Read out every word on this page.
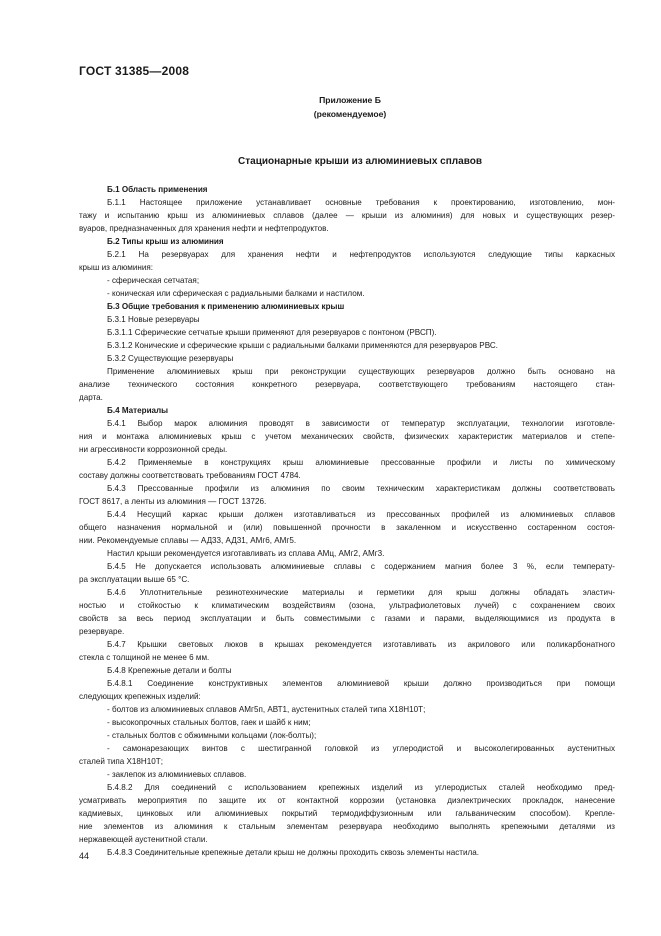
ГОСТ 31385—2008
Приложение Б
(рекомендуемое)
Стационарные крыши из алюминиевых сплавов
Б.1 Область применения
Б.1.1 Настоящее приложение устанавливает основные требования к проектированию, изготовлению, мон-
тажу и испытанию крыш из алюминиевых сплавов (далее — крыши из алюминия) для новых и существующих резер-
вуаров, предназначенных для хранения нефти и нефтепродуктов.
Б.2 Типы крыш из алюминия
Б.2.1 На резервуарах для хранения нефти и нефтепродуктов используются следующие типы каркасных
крыш из алюминия:
- сферическая сетчатая;
- коническая или сферическая с радиальными балками и настилом.
Б.3 Общие требования к применению алюминиевых крыш
Б.3.1 Новые резервуары
Б.3.1.1 Сферические сетчатые крыши применяют для резервуаров с понтоном (РВСП).
Б.3.1.2 Конические и сферические крыши с радиальными балками применяются для резервуаров РВС.
Б.3.2 Существующие резервуары
Применение алюминиевых крыш при реконструкции существующих резервуаров должно быть основано на
анализе технического состояния конкретного резервуара, соответствующего требованиям настоящего стан-
дарта.
Б.4 Материалы
Б.4.1 Выбор марок алюминия проводят в зависимости от температур эксплуатации, технологии изготовле-
ния и монтажа алюминиевых крыш с учетом механических свойств, физических характеристик материалов и степе-
ни агрессивности коррозионной среды.
Б.4.2 Применяемые в конструкциях крыш алюминиевые прессованные профили и листы по химическому
составу должны соответствовать требованиям ГОСТ 4784.
Б.4.3 Прессованные профили из алюминия по своим техническим характеристикам должны соответствовать
ГОСТ 8617, а ленты из алюминия — ГОСТ 13726.
Б.4.4 Несущий каркас крыши должен изготавливаться из прессованных профилей из алюминиевых сплавов
общего назначения нормальной и (или) повышенной прочности в закаленном и искусственно состаренном состоя-
нии. Рекомендуемые сплавы — АД33, АД31, АМг6, АМг5.
Настил крыши рекомендуется изготавливать из сплава АМц, АМг2, АМг3.
Б.4.5 Не допускается использовать алюминиевые сплавы с содержанием магния более 3 %, если температу-
ра эксплуатации выше 65 °С.
Б.4.6 Уплотнительные резинотехнические материалы и герметики для крыш должны обладать эластич-
ностью и стойкостью к климатическим воздействиям (озона, ультрафиолетовых лучей) с сохранением своих
свойств за весь период эксплуатации и быть совместимыми с газами и парами, выделяющимися из продукта в
резервуаре.
Б.4.7 Крышки световых люков в крышах рекомендуется изготавливать из акрилового или поликарбонатного
стекла с толщиной не менее 6 мм.
Б.4.8 Крепежные детали и болты
Б.4.8.1 Соединение конструктивных элементов алюминиевой крыши должно производиться при помощи
следующих крепежных изделий:
- болтов из алюминиевых сплавов АМг5п, АВТ1, аустенитных сталей типа Х18Н10Т;
- высокопрочных стальных болтов, гаек и шайб к ним;
- стальных болтов с обжимными кольцами (лок-болты);
- самонарезающих винтов с шестигранной головкой из углеродистой и высоколегированных аустенитных
сталей типа Х18Н10Т;
- заклепок из алюминиевых сплавов.
Б.4.8.2 Для соединений с использованием крепежных изделий из углеродистых сталей необходимо пред-
усматривать мероприятия по защите их от контактной коррозии (установка диэлектрических прокладок, нанесение
кадмиевых, цинковых или алюминиевых покрытий термодиффузионным или гальваническим способом). Крепле-
ние элементов из алюминия к стальным элементам резервуара необходимо выполнять крепежными деталями из
нержавеющей аустенитной стали.
Б.4.8.3 Соединительные крепежные детали крыш не должны проходить сквозь элементы настила.
44
